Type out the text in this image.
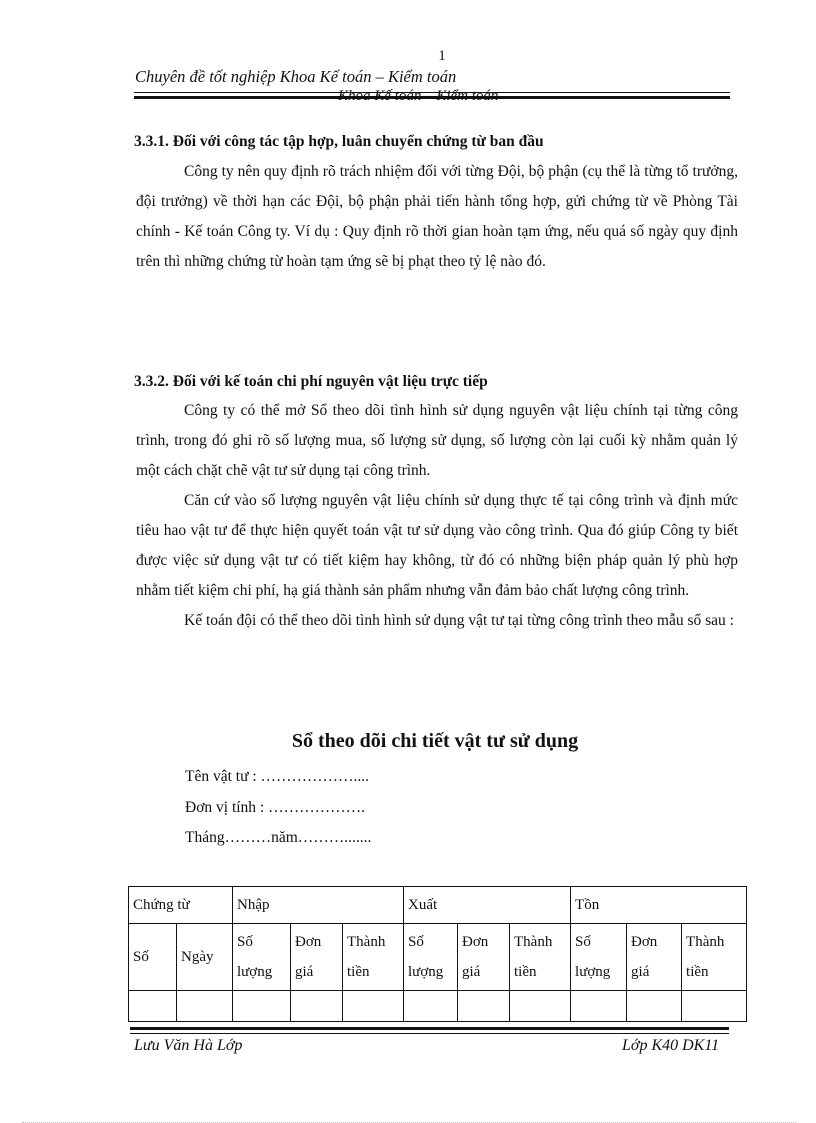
1
Chuyên đề tốt nghiệp Khoa Kế toán – Kiểm toán
Khoa Kế toán – Kiểm toán
3.3.1. Đối với công tác tập hợp, luân chuyển chứng từ ban đầu

Công ty nên quy định rõ trách nhiệm đối với từng Đội, bộ phận (cụ thể là từng tổ trưởng, đội trưởng) về thời hạn các Đội, bộ phận phải tiến hành tổng hợp, gửi chứng từ về Phòng Tài chính - Kế toán Công ty. Ví dụ : Quy định rõ thời gian hoàn tạm ứng, nếu quá số ngày quy định trên thì những chứng từ hoàn tạm ứng sẽ bị phạt theo tỷ lệ nào đó.

3.3.2. Đối với kế toán chi phí nguyên vật liệu trực tiếp

Công ty có thể mở Sổ theo dõi tình hình sử dụng nguyên vật liệu chính tại từng công trình, trong đó ghi rõ số lượng mua, số lượng sử dụng, số lượng còn lại cuối kỳ nhằm quản lý một cách chặt chẽ vật tư sử dụng tại công trình.

Căn cứ vào số lượng nguyên vật liệu chính sử dụng thực tế tại công trình và định mức tiêu hao vật tư để thực hiện quyết toán vật tư sử dụng vào công trình. Qua đó giúp Công ty biết được việc sử dụng vật tư có tiết kiệm hay không, từ đó có những biện pháp quản lý phù hợp nhằm tiết kiệm chi phí, hạ giá thành sản phẩm nhưng vẫn đảm bảo chất lượng công trình.

Kế toán đội có thể theo dõi tình hình sử dụng vật tư tại từng công trình theo mẫu sổ sau :

Sổ theo dõi chi tiết vật tư sử dụng
Tên vật tư : ………………....
Đơn vị tính : ……………….
Tháng………năm……….......
Chứng từ		Nhập			Xuất			Tồn		
Số	Ngày	Số lượng	Đơn giá	Thành tiền	Số lượng	Đơn giá	Thành tiền	Số lượng	Đơn giá	Thành tiền

Lưu Văn Hà Lớp	Lớp K40 DK11
